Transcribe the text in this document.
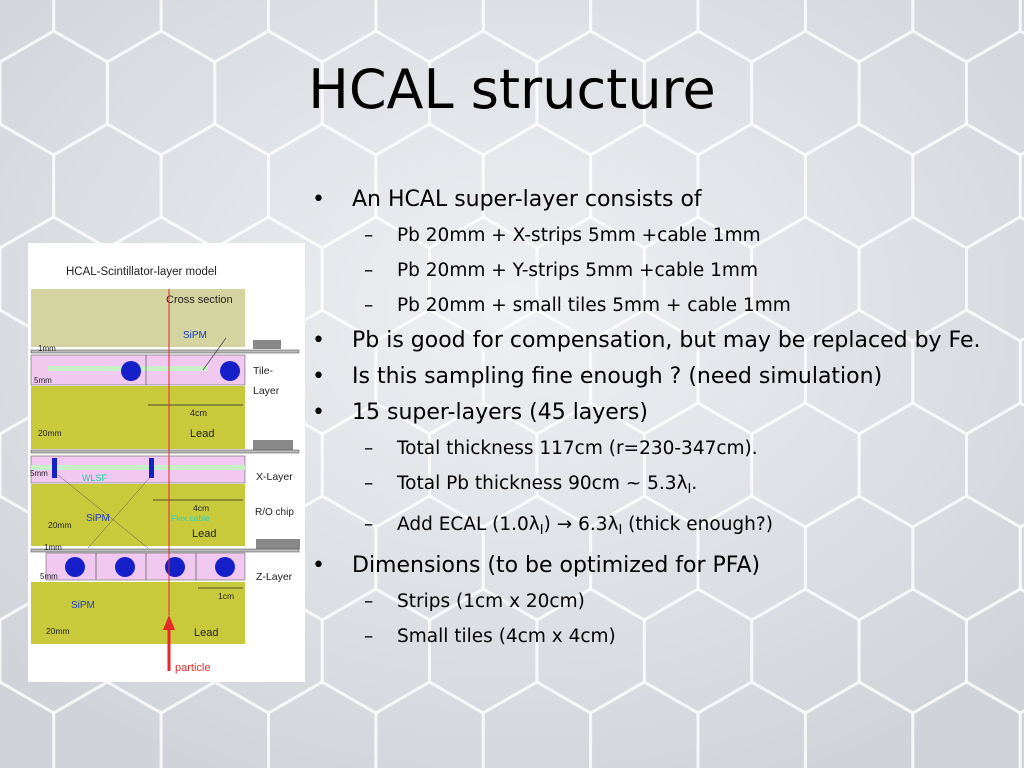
HCAL structure
• An HCAL super-layer consists of
– Pb 20mm + X-strips 5mm +cable 1mm
– Pb 20mm + Y-strips 5mm +cable 1mm
– Pb 20mm + small tiles 5mm + cable 1mm
• Pb is good for compensation, but may be replaced by Fe.
• Is this sampling fine enough ? (need simulation)
• 15 super-layers (45 layers)
– Total thickness 117cm (r=230-347cm).
– Total Pb thickness 90cm ~ $5.3\lambda_I$.
– Add ECAL $(1.0\lambda_I) \to 6.3\lambda_I$ (thick enough?)
• Dimensions (to be optimized for PFA)
– Strips (1cm x 20cm)
– Small tiles (4cm x 4cm)
HCAL-Scintillator-layer model
Cross section
SiPM
1mm
5mm
Tile-
Layer
4cm
20mm	Lead
5mm	WLSF	X-Layer
4cm
SiPM	Flex cable
20mm
Lead
R/O chip
1mm
5mm	Z-Layer
SiPM
1cm
20mm	Lead
particle
